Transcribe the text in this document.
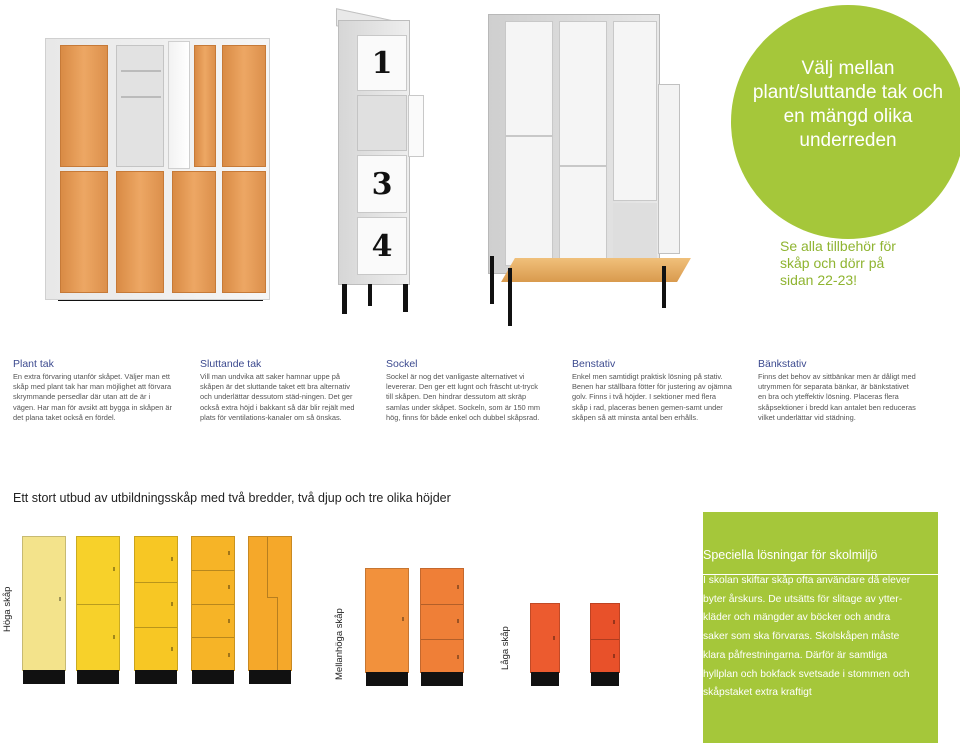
1
3
4
Välj mellan plant/sluttande tak och en mängd olika underreden
Se alla tillbehör för skåp och dörr på sidan 22-23!
Plant tak

En extra förvaring utanför skåpet. Väljer man ett skåp med plant tak har man möjlighet att förvara skrymmande persedlar där utan att de är i vägen. Har man för avsikt att bygga in skåpen är det plana taket också en fördel.

Sluttande tak

Vill man undvika att saker hamnar uppe på skåpen är det sluttande taket ett bra alternativ och underlättar dessutom städ-ningen. Det ger också extra höjd i bakkant så där blir rejält med plats för ventilations-kanaler om så önskas.

Sockel

Sockel är nog det vanligaste alternativet vi levererar. Den ger ett lugnt och fräscht ut-tryck till skåpen. Den hindrar dessutom att skräp samlas under skåpet. Sockeln, som är 150 mm hög, finns för både enkel och dubbel skåpsrad.

Benstativ

Enkel men samtidigt praktisk lösning på stativ. Benen har ställbara fötter för justering av ojämna golv. Finns i två höjder. I sektioner med flera skåp i rad, placeras benen gemen-samt under skåpen så att minsta antal ben erhålls.

Bänkstativ

Finns det behov av sittbänkar men är dåligt med utrymmen för separata bänkar, är bänkstativet en bra och yteffektiv lösning. Placeras flera skåpsektioner i bredd kan antalet ben reduceras vilket underlättar vid städning.

Ett stort utbud av utbildningsskåp med två bredder, två djup och tre olika höjder
Höga skåp	Mellanhöga skåp	Låga skåp
Speciella lösningar för skolmiljö
I skolan skiftar skåp ofta användare då elever byter årskurs. De utsätts för slitage av ytter-kläder och mängder av böcker och andra saker som ska förvaras. Skolskåpen måste klara påfrestningarna. Därför är samtliga hyllplan och bokfack svetsade i stommen och skåpstaket extra kraftigt
